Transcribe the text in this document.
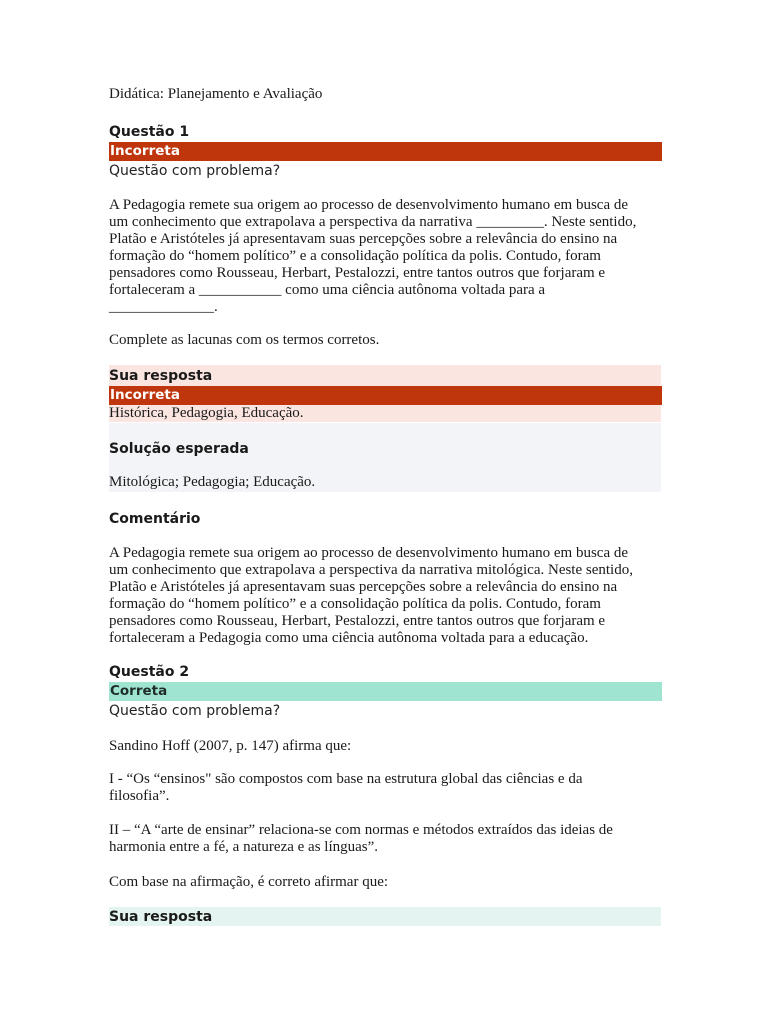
Didática: Planejamento e Avaliação
Questão 1
Incorreta
Questão com problema?
A Pedagogia remete sua origem ao processo de desenvolvimento humano em busca de
um conhecimento que extrapolava a perspectiva da narrativa _________. Neste sentido,
Platão e Aristóteles já apresentavam suas percepções sobre a relevância do ensino na
formação do “homem político” e a consolidação política da polis. Contudo, foram
pensadores como Rousseau, Herbart, Pestalozzi, entre tantos outros que forjaram e
fortaleceram a ___________ como uma ciência autônoma voltada para a
______________.
Complete as lacunas com os termos corretos.
Sua resposta
Incorreta
Histórica, Pedagogia, Educação.
Solução esperada
Mitológica; Pedagogia; Educação.
Comentário
A Pedagogia remete sua origem ao processo de desenvolvimento humano em busca de
um conhecimento que extrapolava a perspectiva da narrativa mitológica. Neste sentido,
Platão e Aristóteles já apresentavam suas percepções sobre a relevância do ensino na
formação do “homem político” e a consolidação política da polis. Contudo, foram
pensadores como Rousseau, Herbart, Pestalozzi, entre tantos outros que forjaram e
fortaleceram a Pedagogia como uma ciência autônoma voltada para a educação.
Questão 2
Correta
Questão com problema?
Sandino Hoff (2007, p. 147) afirma que:
I - “Os “ensinos" são compostos com base na estrutura global das ciências e da
filosofia”.
II – “A “arte de ensinar” relaciona-se com normas e métodos extraídos das ideias de
harmonia entre a fé, a natureza e as línguas”.
Com base na afirmação, é correto afirmar que:
Sua resposta
